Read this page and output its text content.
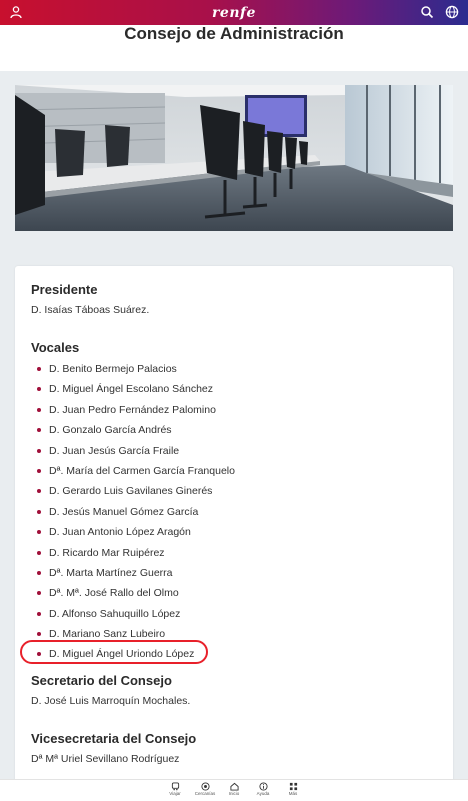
renfe
Consejo de Administración
Presidente
D. Isaías Táboas Suárez.
Vocales
D. Benito Bermejo Palacios
D. Miguel Ángel Escolano Sánchez
D. Juan Pedro Fernández Palomino
D. Gonzalo García Andrés
D. Juan Jesús García Fraile
Dª. María del Carmen García Franquelo
D. Gerardo Luis Gavilanes Ginerés
D. Jesús Manuel Gómez García
D. Juan Antonio López Aragón
D. Ricardo Mar Ruipérez
Dª. Marta Martínez Guerra
Dª. Mª. José Rallo del Olmo
D. Alfonso Sahuquillo López
D. Mariano Sanz Lubeiro
D. Miguel Ángel Uriondo López
Secretario del Consejo
D. José Luis Marroquín Mochales.
Vicesecretaria del Consejo
Dª Mª Uriel Sevillano Rodríguez
Viajar	Cercanías	Inicio	Ayuda	Más
